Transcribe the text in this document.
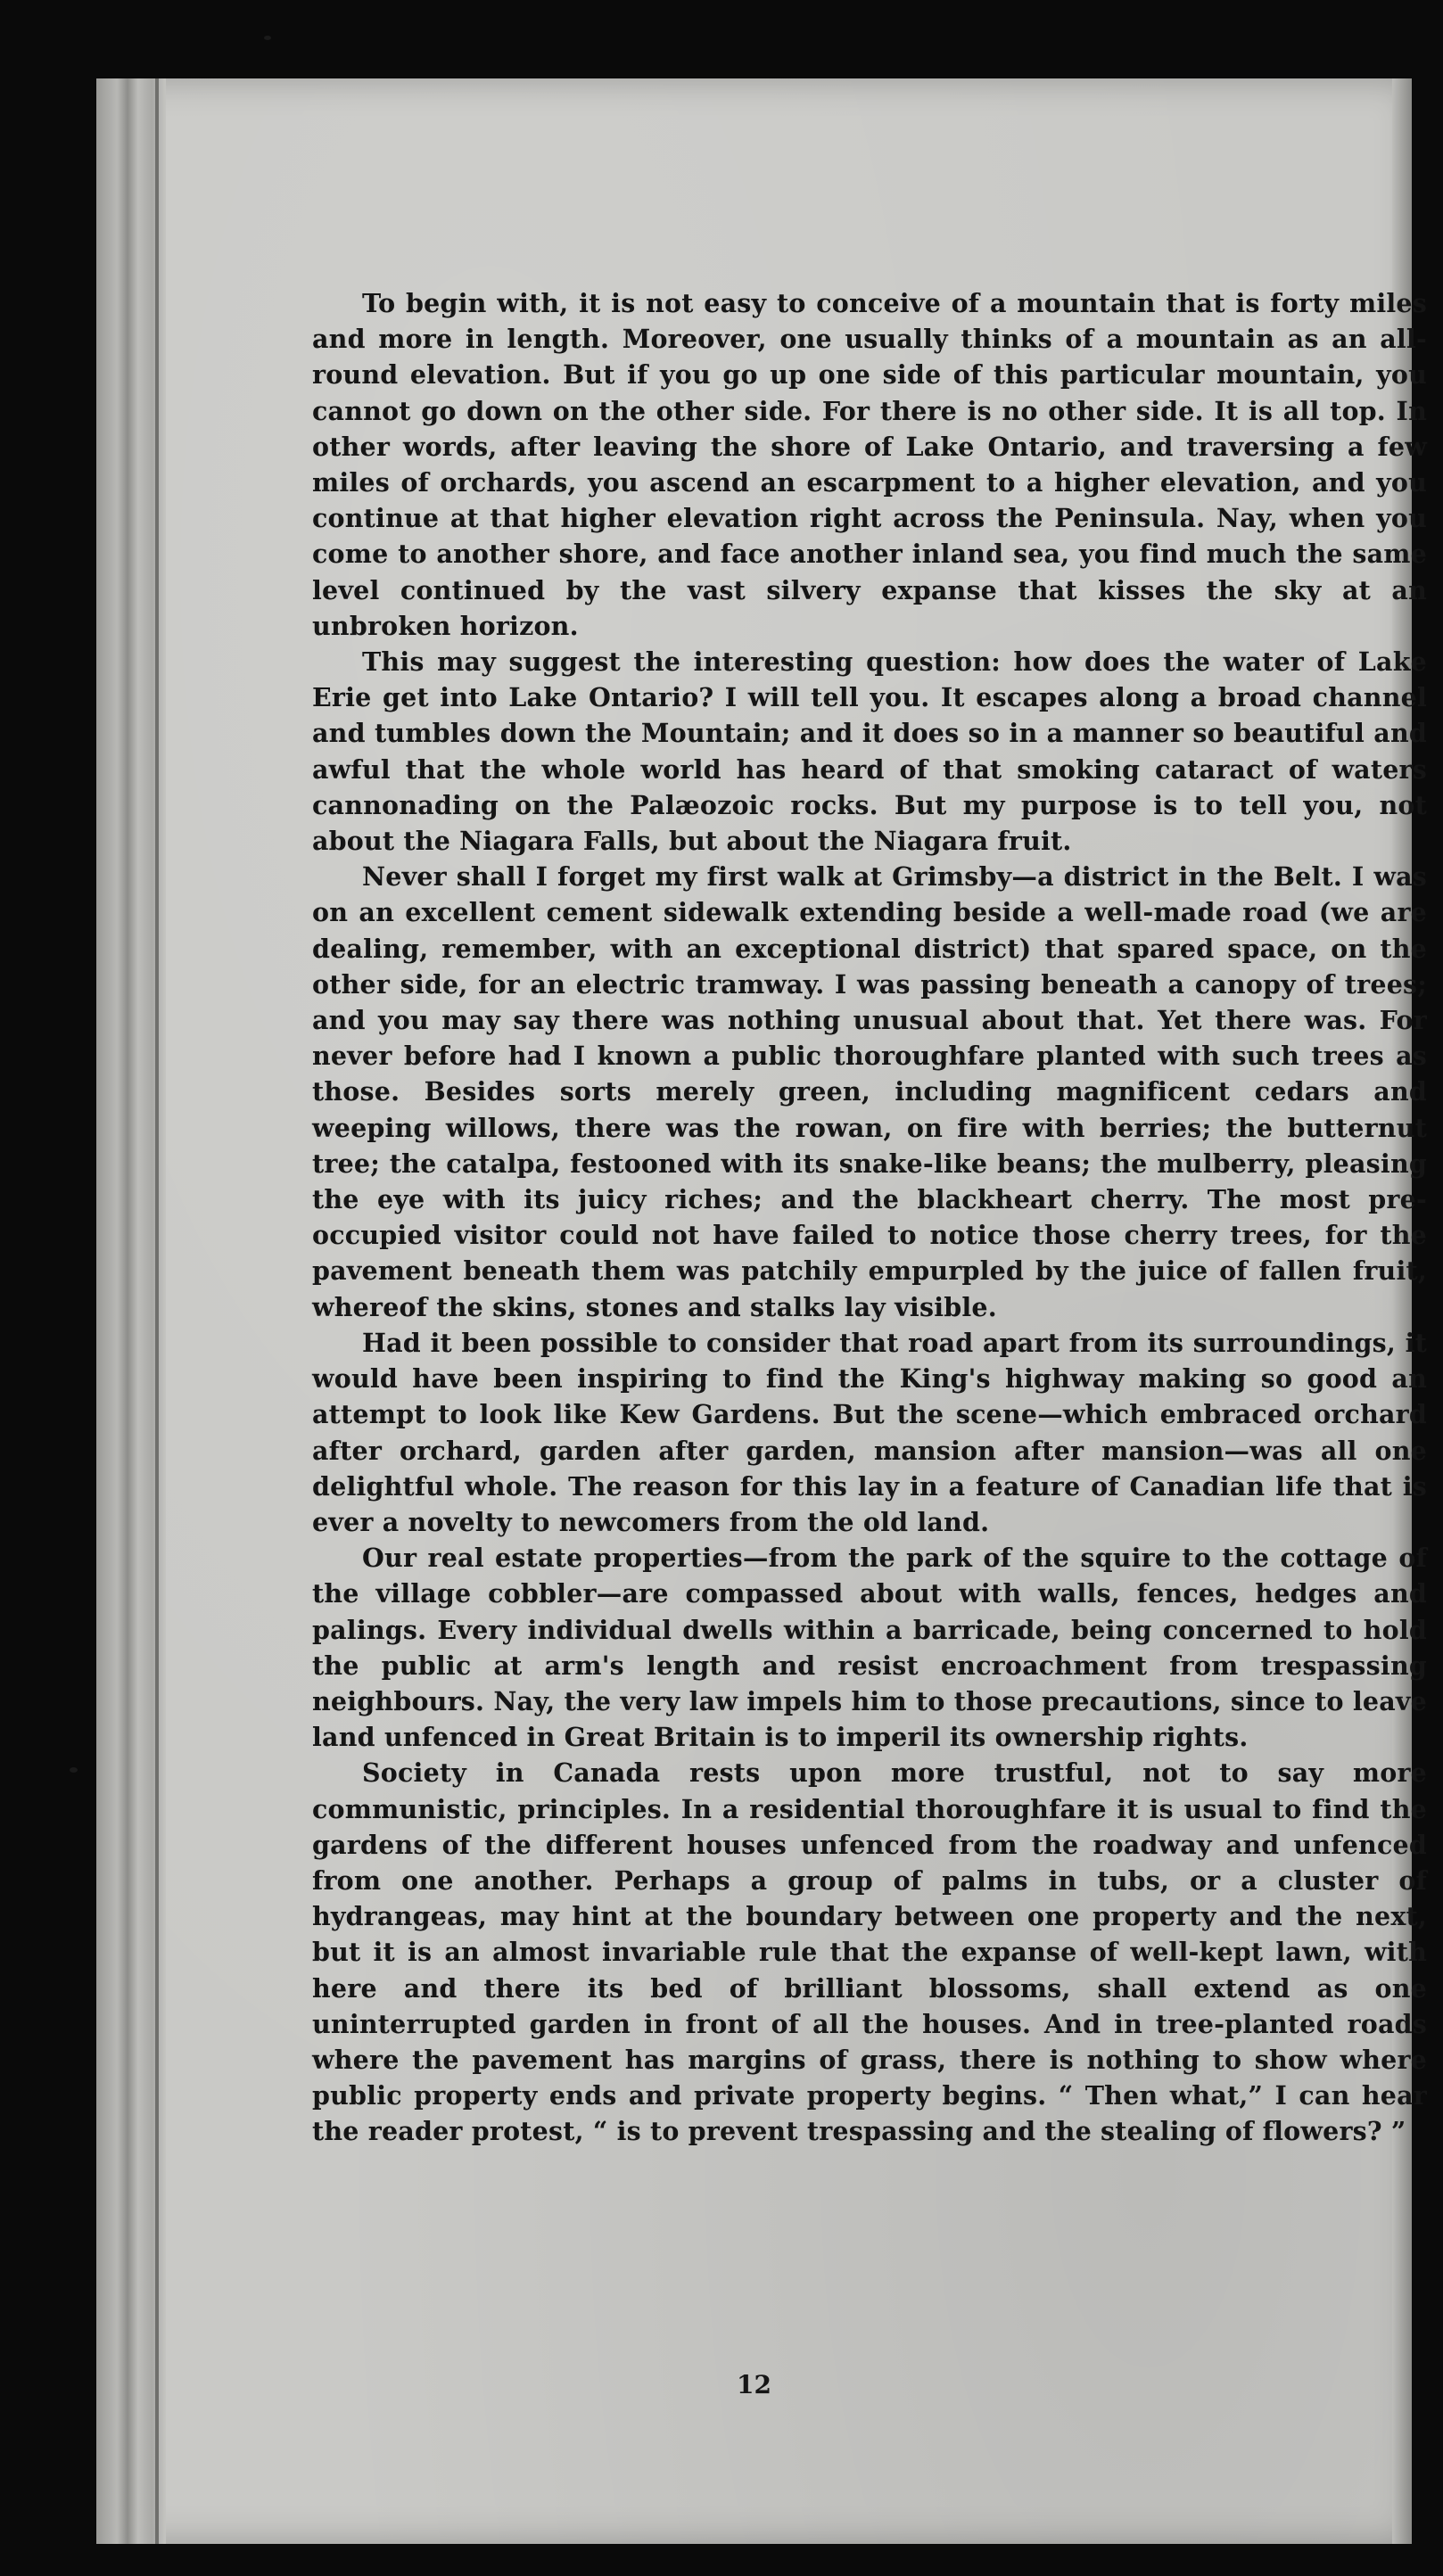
To begin with, it is not easy to conceive of a mountain that is forty miles and more in length. Moreover, one usually thinks of a mountain as an all-round elevation. But if you go up one side of this particular mountain, you cannot go down on the other side. For there is no other side. It is all top. In other words, after leaving the shore of Lake Ontario, and traversing a few miles of orchards, you ascend an escarpment to a higher elevation, and you continue at that higher elevation right across the Peninsula. Nay, when you come to another shore, and face another inland sea, you find much the same level continued by the vast silvery expanse that kisses the sky at an unbroken horizon.

This may suggest the interesting question: how does the water of Lake Erie get into Lake Ontario? I will tell you. It escapes along a broad channel and tumbles down the Mountain; and it does so in a manner so beautiful and awful that the whole world has heard of that smoking cataract of waters cannonading on the Palæozoic rocks. But my purpose is to tell you, not about the Niagara Falls, but about the Niagara fruit.

Never shall I forget my first walk at Grimsby—a district in the Belt. I was on an excellent cement sidewalk extending beside a well-made road (we are dealing, remember, with an exceptional district) that spared space, on the other side, for an electric tramway. I was passing beneath a canopy of trees; and you may say there was nothing unusual about that. Yet there was. For never before had I known a public thoroughfare planted with such trees as those. Besides sorts merely green, including magnificent cedars and weeping willows, there was the rowan, on fire with berries; the butternut tree; the catalpa, festooned with its snake-like beans; the mulberry, pleasing the eye with its juicy riches; and the blackheart cherry. The most pre-occupied visitor could not have failed to notice those cherry trees, for the pavement beneath them was patchily empurpled by the juice of fallen fruit, whereof the skins, stones and stalks lay visible.

Had it been possible to consider that road apart from its surroundings, it would have been inspiring to find the King's highway making so good an attempt to look like Kew Gardens. But the scene—which embraced orchard after orchard, garden after garden, mansion after mansion—was all one delightful whole. The reason for this lay in a feature of Canadian life that is ever a novelty to newcomers from the old land.

Our real estate properties—from the park of the squire to the cottage of the village cobbler—are compassed about with walls, fences, hedges and palings. Every individual dwells within a barricade, being concerned to hold the public at arm's length and resist encroachment from trespassing neighbours. Nay, the very law impels him to those precautions, since to leave land unfenced in Great Britain is to imperil its ownership rights.

Society in Canada rests upon more trustful, not to say more communistic, principles. In a residential thoroughfare it is usual to find the gardens of the different houses unfenced from the roadway and unfenced from one another. Perhaps a group of palms in tubs, or a cluster of hydrangeas, may hint at the boundary between one property and the next, but it is an almost invariable rule that the expanse of well-kept lawn, with here and there its bed of brilliant blossoms, shall extend as one uninterrupted garden in front of all the houses. And in tree-planted roads where the pavement has margins of grass, there is nothing to show where public property ends and private property begins. “ Then what,” I can hear the reader protest, “ is to prevent trespassing and the stealing of flowers? ”

12
